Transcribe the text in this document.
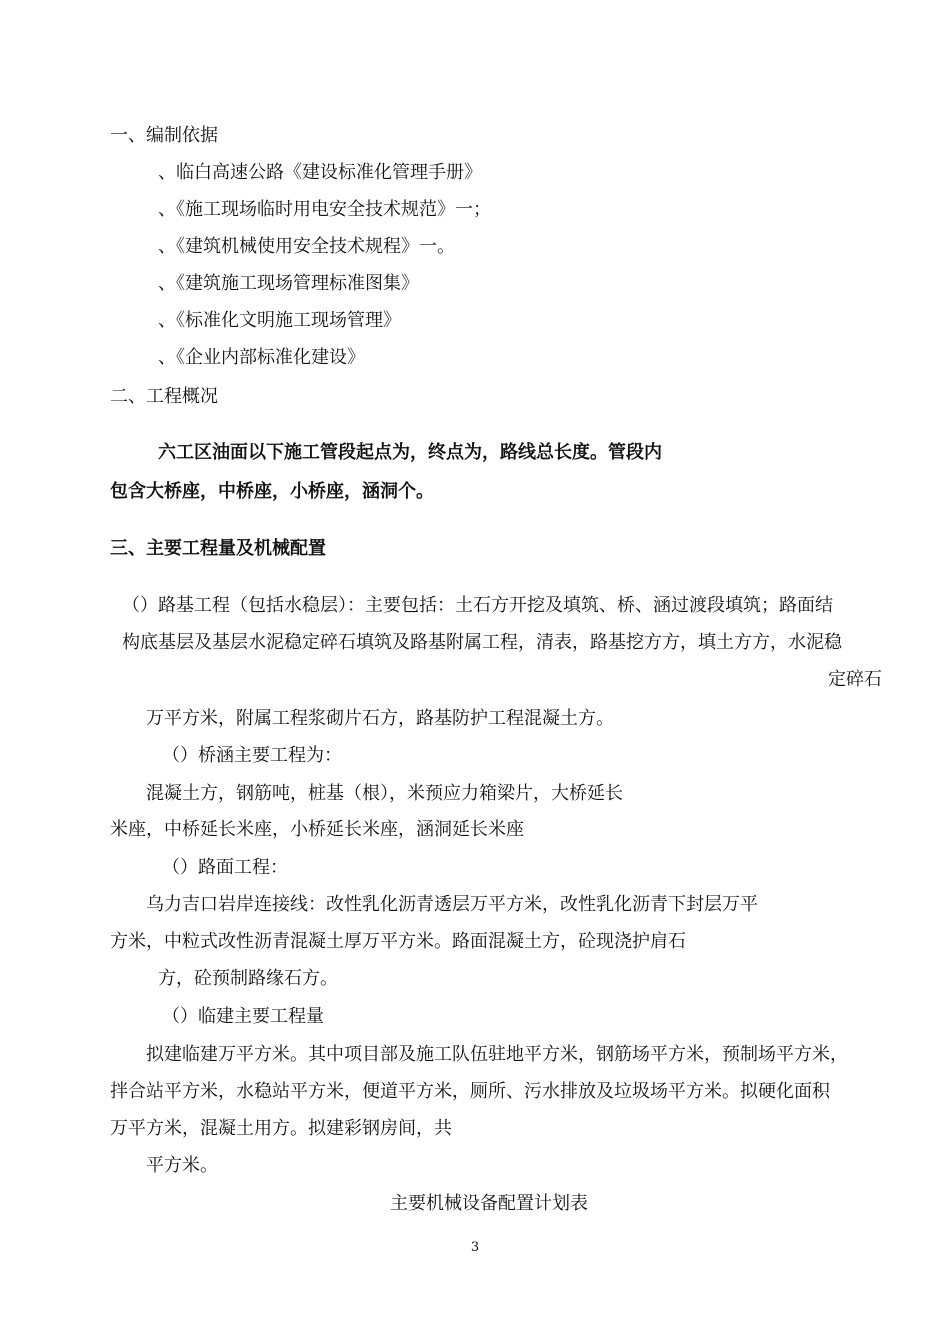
一、编制依据
、临白高速公路《建设标准化管理手册》
、《施工现场临时用电安全技术规范》一；
、《建筑机械使用安全技术规程》一。
、《建筑施工现场管理标准图集》
、《标准化文明施工现场管理》
、《企业内部标准化建设》
二、工程概况
六工区油面以下施工管段起点为，终点为，路线总长度。管段内
包含大桥座，中桥座，小桥座，涵洞个。
三、主要工程量及机械配置
（）路基工程（包括水稳层）：主要包括：土石方开挖及填筑、桥、涵过渡段填筑；路面结
构底基层及基层水泥稳定碎石填筑及路基附属工程，清表，路基挖方方，填土方方，水泥稳
定碎石
万平方米，附属工程浆砌片石方，路基防护工程混凝土方。
（）桥涵主要工程为：
混凝土方，钢筋吨，桩基（根），米预应力箱梁片，大桥延长
米座，中桥延长米座，小桥延长米座，涵洞延长米座
（）路面工程：
乌力吉口岩岸连接线：改性乳化沥青透层万平方米，改性乳化沥青下封层万平
方米，中粒式改性沥青混凝土厚万平方米。路面混凝土方，砼现浇护肩石
方，砼预制路缘石方。
（）临建主要工程量
拟建临建万平方米。其中项目部及施工队伍驻地平方米，钢筋场平方米，预制场平方米，
拌合站平方米，水稳站平方米，便道平方米，厕所、污水排放及垃圾场平方米。拟硬化面积
万平方米，混凝土用方。拟建彩钢房间，共
平方米。
主要机械设备配置计划表
3
